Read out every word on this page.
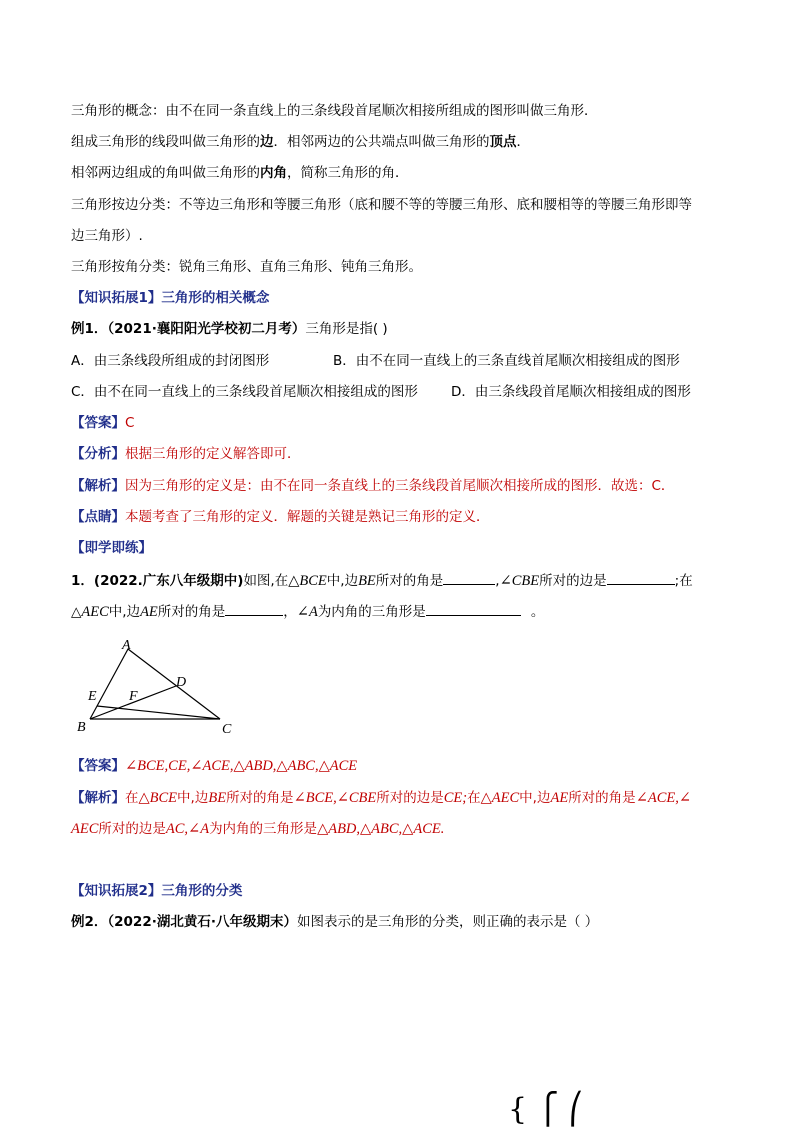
三角形的概念：由不在同一条直线上的三条线段首尾顺次相接所组成的图形叫做三角形．
组成三角形的线段叫做三角形的边．相邻两边的公共端点叫做三角形的顶点．
相邻两边组成的角叫做三角形的内角，简称三角形的角．
三角形按边分类：不等边三角形和等腰三角形（底和腰不等的等腰三角形、底和腰相等的等腰三角形即等
边三角形）.
三角形按角分类：锐角三角形、直角三角形、钝角三角形。
【知识拓展1】三角形的相关概念
例1．（2021·襄阳阳光学校初二月考）三角形是指( )
A．由三条线段所组成的封闭图形	B．由不在同一直线上的三条直线首尾顺次相接组成的图形
C．由不在同一直线上的三条线段首尾顺次相接组成的图形 D．由三条线段首尾顺次相接组成的图形
【答案】C
【分析】根据三角形的定义解答即可．
【解析】因为三角形的定义是：由不在同一条直线上的三条线段首尾顺次相接所成的图形．故选：C．
【点睛】本题考查了三角形的定义．解题的关键是熟记三角形的定义．
【即学即练】
1．(2022.广东八年级期中)如图,在△BCE中,边BE所对的角是	,∠CBE所对的边是	;在
△AEC中,边AE所对的角是	，∠A为内角的三角形是	。
A
B	C
D
E F
【答案】∠BCE,CE,∠ACE,△ABD,△ABC,△ACE
【解析】在△BCE中,边BE所对的角是∠BCE,∠CBE所对的边是CE;在△AEC中,边AE所对的角是∠ACE,∠
AEC所对的边是AC,∠A为内角的三角形是△ABD,△ABC,△ACE.
【知识拓展2】三角形的分类
例2．（2022·湖北黄石·八年级期末）如图表示的是三角形的分类，则正确的表示是（ ）
{ ⎧ ⎛
